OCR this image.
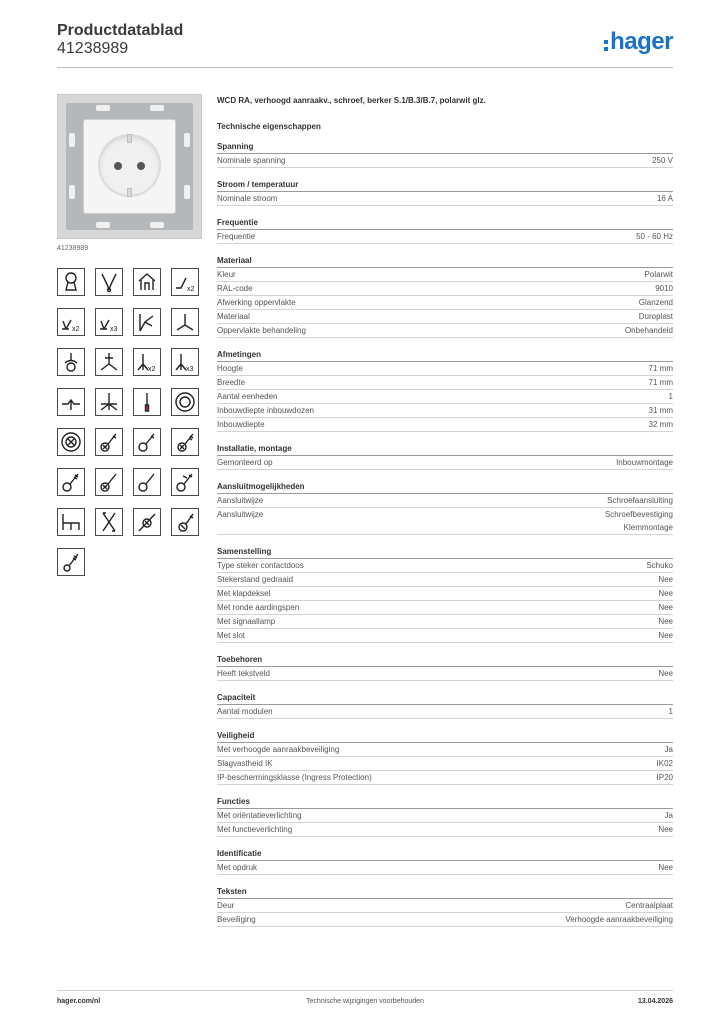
Productdatablad
41238989	hager
41238989
x2
x2	x3
x2	x3
WCD RA, verhoogd aanraakv., schroef, berker S.1/B.3/B.7, polarwit glz.
Technische eigenschappen
Spanning
Nominale spanning	250 V
Stroom / temperatuur
Nominale stroom	16 A
Frequentie
Frequentie	50 - 60 Hz
Materiaal
Kleur	Polarwit
RAL-code	9010
Afwerking oppervlakte	Glanzend
Materiaal	Duroplast
Oppervlakte behandeling	Onbehandeld
Afmetingen
Hoogte	71 mm
Breedte	71 mm
Aantal eenheden	1
Inbouwdiepte inbouwdozen	31 mm
Inbouwdiepte	32 mm
Installatie, montage
Gemonteerd op	Inbouwmontage
Aansluitmogelijkheden
Aansluitwijze	Schroefaansluiting
Aansluitwijze	Schroefbevestiging
Klemmontage
Samenstelling
Type steker contactdoos	Schuko
Stekerstand gedraaid	Nee
Met klapdeksel	Nee
Met ronde aardingspen	Nee
Met signaallamp	Nee
Met slot	Nee
Toebehoren
Heeft tekstveld	Nee
Capaciteit
Aantal modulen	1
Veiligheid
Met verhoogde aanraakbeveiliging	Ja
Slagvastheid IK	IK02
IP-beschermingsklasse (Ingress Protection)	IP20
Functies
Met oriëntatieverlichting	Ja
Met functieverlichting	Nee
Identificatie
Met opdruk	Nee
Teksten
Deur	Centraalplaat
Beveiliging	Verhoogde aanraakbeveiliging
hager.com/nl	Technische wijzigingen voorbehouden	13.04.2026
